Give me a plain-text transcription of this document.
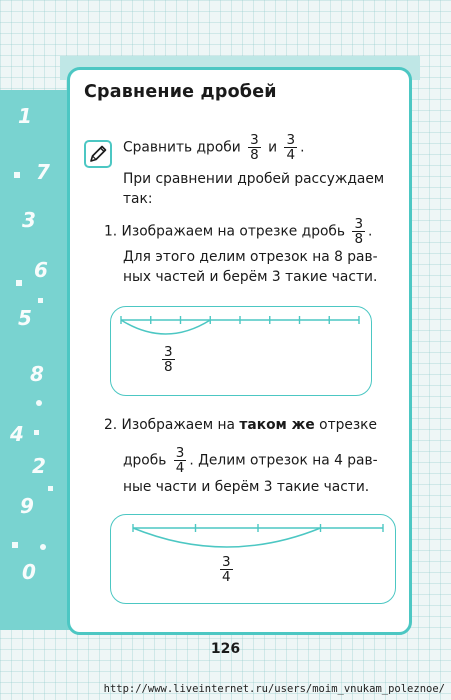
1
7
3
6
5
8
4
2
9
0
Сравнение дробей
Сравнить дроби $\frac{3}{8}$ и $\frac{3}{4}$ .
При сравнении дробей рассуждаем
так:
1. Изображаем на отрезке дробь $\frac{3}{8}$ .
Для этого делим отрезок на 8 рав-
ных частей и берём 3 такие части.
$\frac{3}{8}$
2. Изображаем на таком же отрезке
дробь $\frac{3}{4}$ . Делим отрезок на 4 рав-
ные части и берём 3 такие части.
$\frac{3}{4}$
126
http://www.liveinternet.ru/users/moim_vnukam_poleznoe/
